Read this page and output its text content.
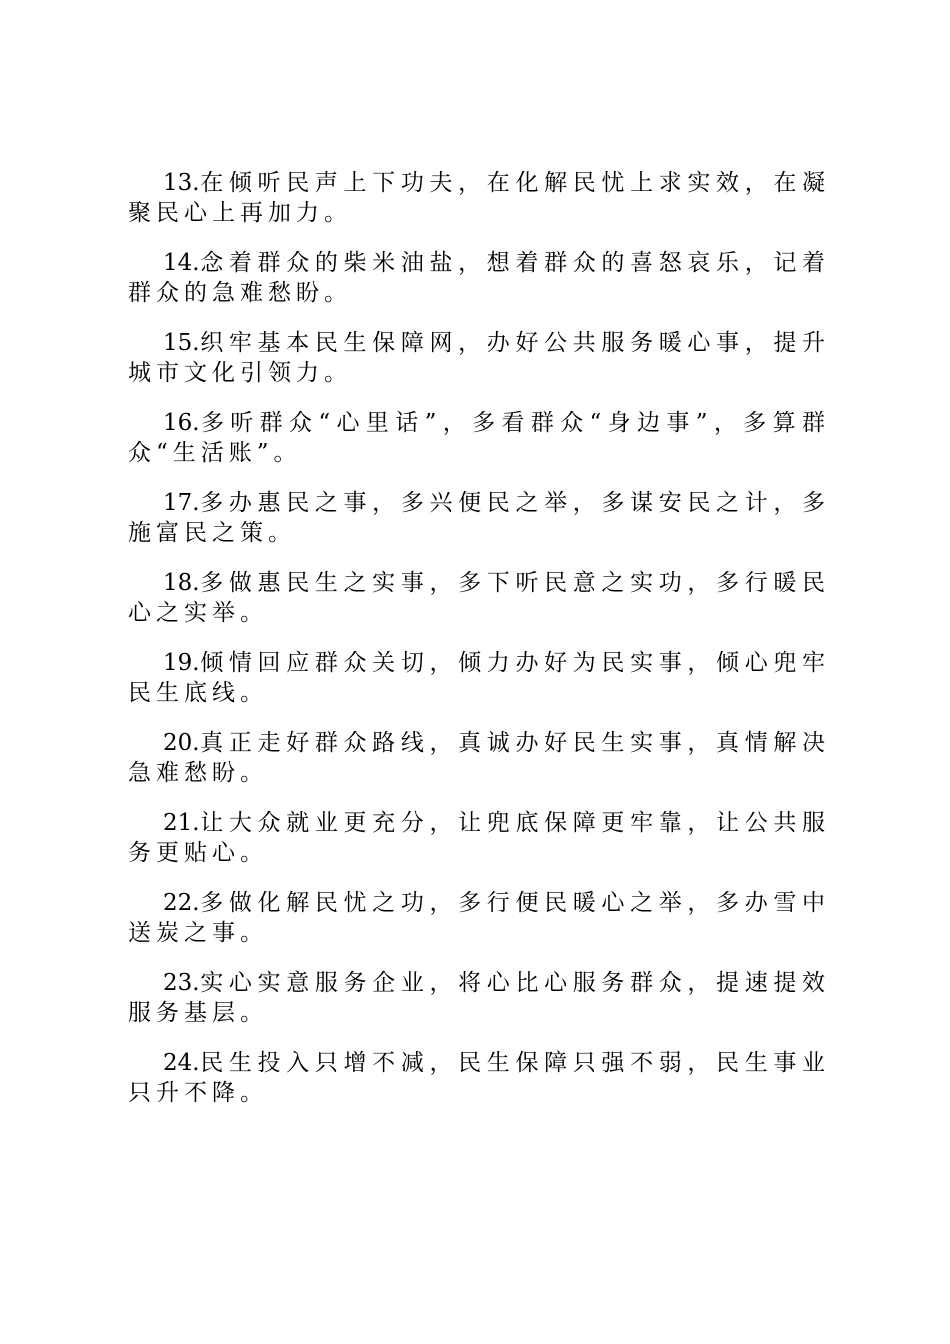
13.在倾听民声上下功夫，在化解民忧上求实效，在凝聚民心上再加力。

14.念着群众的柴米油盐，想着群众的喜怒哀乐，记着群众的急难愁盼。

15.织牢基本民生保障网，办好公共服务暖心事，提升城市文化引领力。

16.多听群众“心里话”，多看群众“身边事”，多算群众“生活账”。

17.多办惠民之事，多兴便民之举，多谋安民之计，多施富民之策。

18.多做惠民生之实事，多下听民意之实功，多行暖民心之实举。

19.倾情回应群众关切，倾力办好为民实事，倾心兜牢民生底线。

20.真正走好群众路线，真诚办好民生实事，真情解决急难愁盼。

21.让大众就业更充分，让兜底保障更牢靠，让公共服务更贴心。

22.多做化解民忧之功，多行便民暖心之举，多办雪中送炭之事。

23.实心实意服务企业，将心比心服务群众，提速提效服务基层。

24.民生投入只增不减，民生保障只强不弱，民生事业只升不降。
